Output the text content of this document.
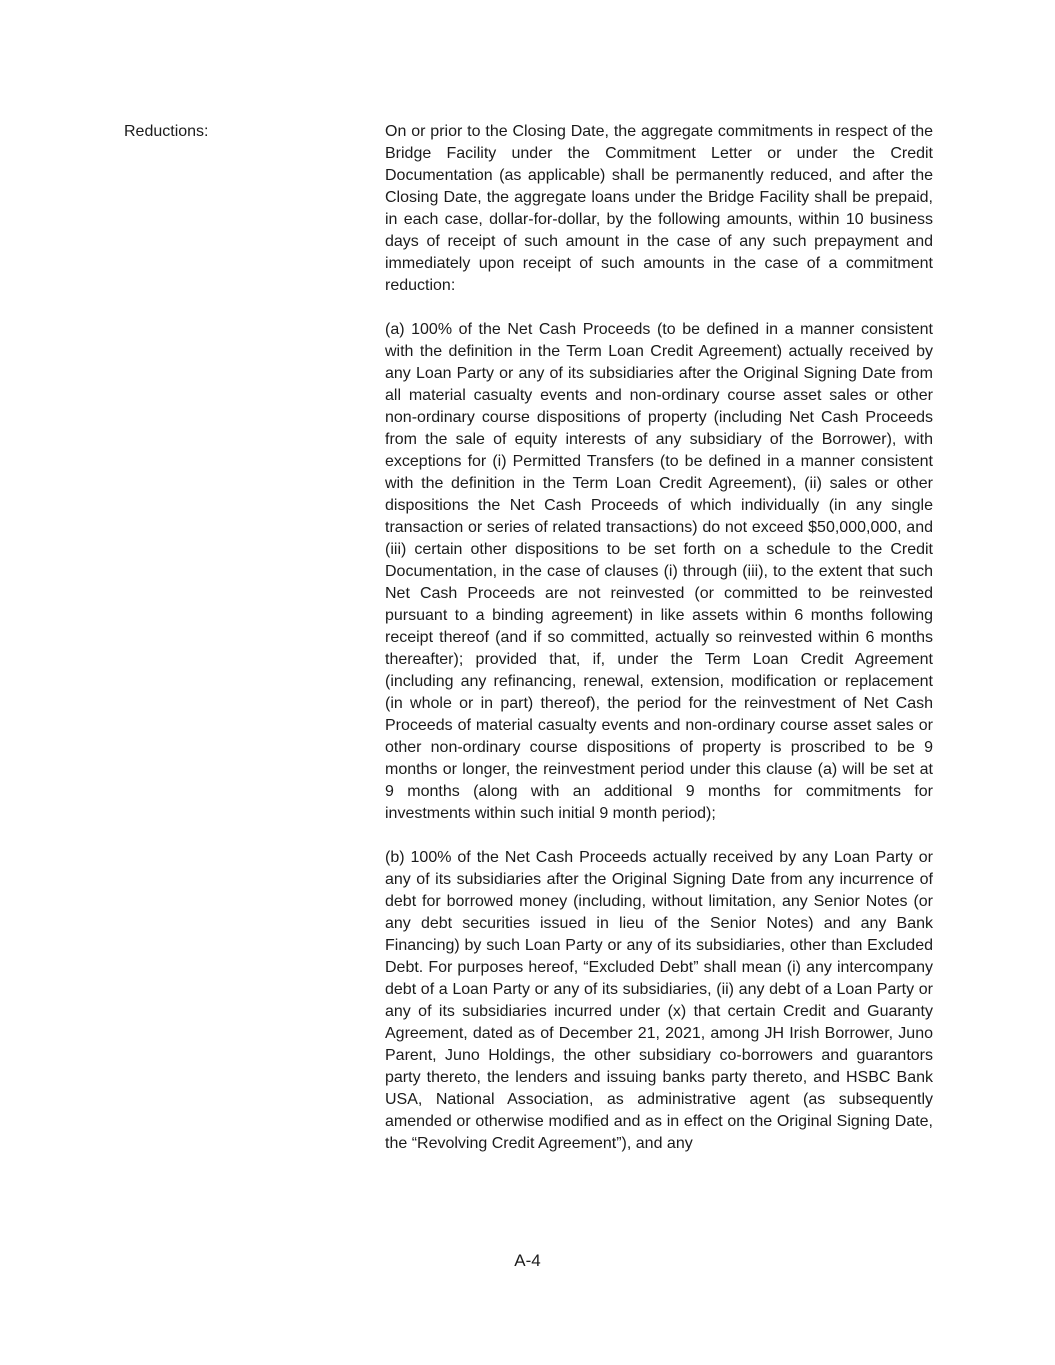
Reductions:	On or prior to the Closing Date, the aggregate commitments in respect of the Bridge Facility under the Commitment Letter or under the Credit Documentation (as applicable) shall be permanently reduced, and after the Closing Date, the aggregate loans under the Bridge Facility shall be prepaid, in each case, dollar-for-dollar, by the following amounts, within 10 business days of receipt of such amount in the case of any such prepayment and immediately upon receipt of such amounts in the case of a commitment reduction:

(a) 100% of the Net Cash Proceeds (to be defined in a manner consistent with the definition in the Term Loan Credit Agreement) actually received by any Loan Party or any of its subsidiaries after the Original Signing Date from all material casualty events and non-ordinary course asset sales or other non-ordinary course dispositions of property (including Net Cash Proceeds from the sale of equity interests of any subsidiary of the Borrower), with exceptions for (i) Permitted Transfers (to be defined in a manner consistent with the definition in the Term Loan Credit Agreement), (ii) sales or other dispositions the Net Cash Proceeds of which individually (in any single transaction or series of related transactions) do not exceed $50,000,000, and (iii) certain other dispositions to be set forth on a schedule to the Credit Documentation, in the case of clauses (i) through (iii), to the extent that such Net Cash Proceeds are not reinvested (or committed to be reinvested pursuant to a binding agreement) in like assets within 6 months following receipt thereof (and if so committed, actually so reinvested within 6 months thereafter); provided that, if, under the Term Loan Credit Agreement (including any refinancing, renewal, extension, modification or replacement (in whole or in part) thereof), the period for the reinvestment of Net Cash Proceeds of material casualty events and non-ordinary course asset sales or other non-ordinary course dispositions of property is proscribed to be 9 months or longer, the reinvestment period under this clause (a) will be set at 9 months (along with an additional 9 months for commitments for investments within such initial 9 month period);

(b) 100% of the Net Cash Proceeds actually received by any Loan Party or any of its subsidiaries after the Original Signing Date from any incurrence of debt for borrowed money (including, without limitation, any Senior Notes (or any debt securities issued in lieu of the Senior Notes) and any Bank Financing) by such Loan Party or any of its subsidiaries, other than Excluded Debt. For purposes hereof, “Excluded Debt” shall mean (i) any intercompany debt of a Loan Party or any of its subsidiaries, (ii) any debt of a Loan Party or any of its subsidiaries incurred under (x) that certain Credit and Guaranty Agreement, dated as of December 21, 2021, among JH Irish Borrower, Juno Parent, Juno Holdings, the other subsidiary co-borrowers and guarantors party thereto, the lenders and issuing banks party thereto, and HSBC Bank USA, National Association, as administrative agent (as subsequently amended or otherwise modified and as in effect on the Original Signing Date, the “Revolving Credit Agreement”), and any

A-4
